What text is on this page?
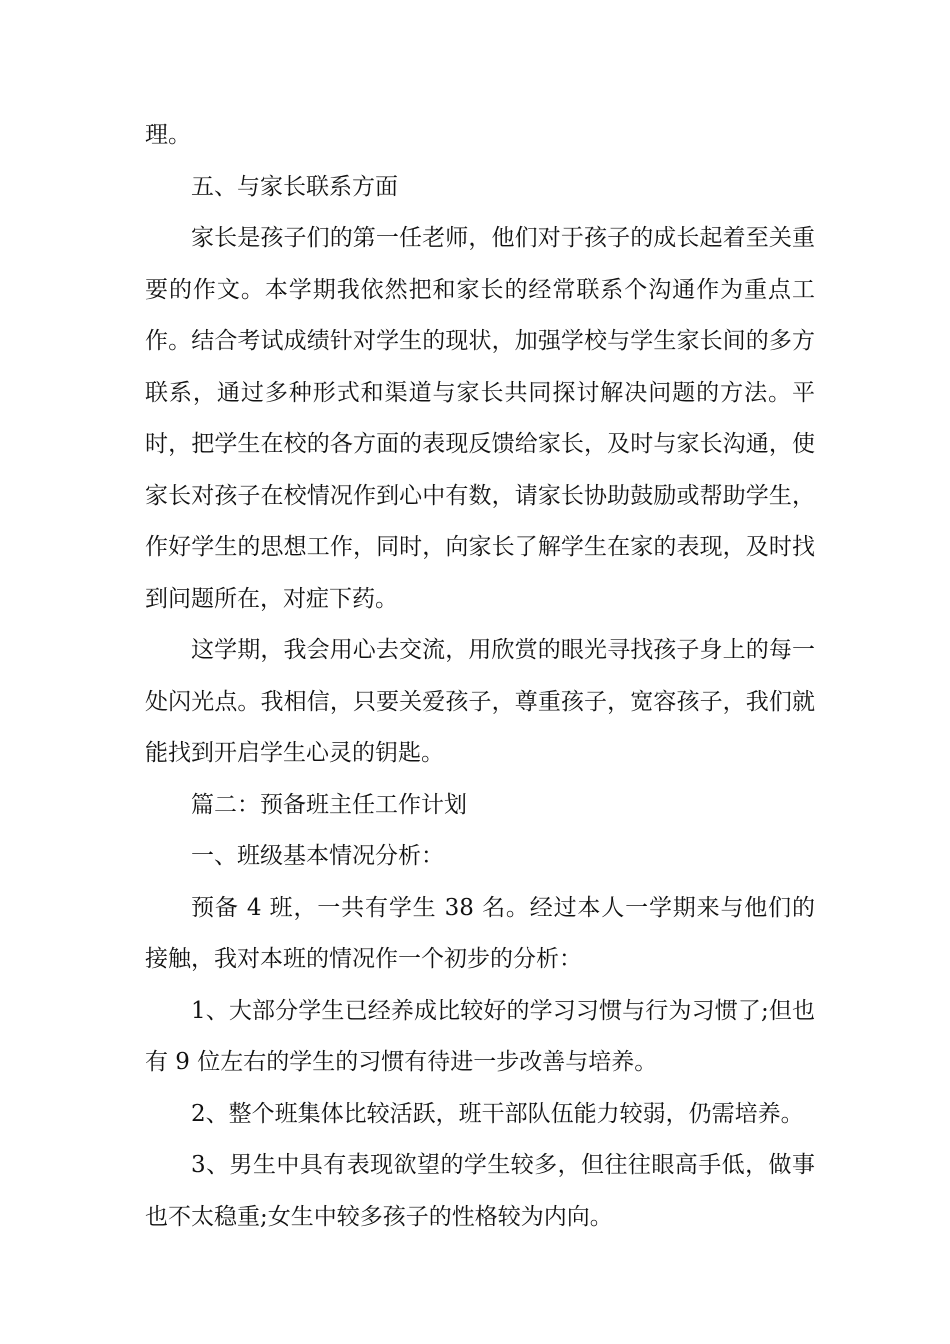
理。

五、与家长联系方面

家长是孩子们的第一任老师，他们对于孩子的成长起着至关重要的作文。本学期我依然把和家长的经常联系个沟通作为重点工作。结合考试成绩针对学生的现状，加强学校与学生家长间的多方联系，通过多种形式和渠道与家长共同探讨解决问题的方法。平时，把学生在校的各方面的表现反馈给家长，及时与家长沟通，使家长对孩子在校情况作到心中有数，请家长协助鼓励或帮助学生，作好学生的思想工作，同时，向家长了解学生在家的表现，及时找到问题所在，对症下药。

这学期，我会用心去交流，用欣赏的眼光寻找孩子身上的每一处闪光点。我相信，只要关爱孩子，尊重孩子，宽容孩子，我们就能找到开启学生心灵的钥匙。

篇二：预备班主任工作计划

一、班级基本情况分析：

预备 4 班，一共有学生 38 名。经过本人一学期来与他们的接触，我对本班的情况作一个初步的分析：

1、大部分学生已经养成比较好的学习习惯与行为习惯了;但也有 9 位左右的学生的习惯有待进一步改善与培养。

2、整个班集体比较活跃，班干部队伍能力较弱，仍需培养。

3、男生中具有表现欲望的学生较多，但往往眼高手低，做事也不太稳重;女生中较多孩子的性格较为内向。
